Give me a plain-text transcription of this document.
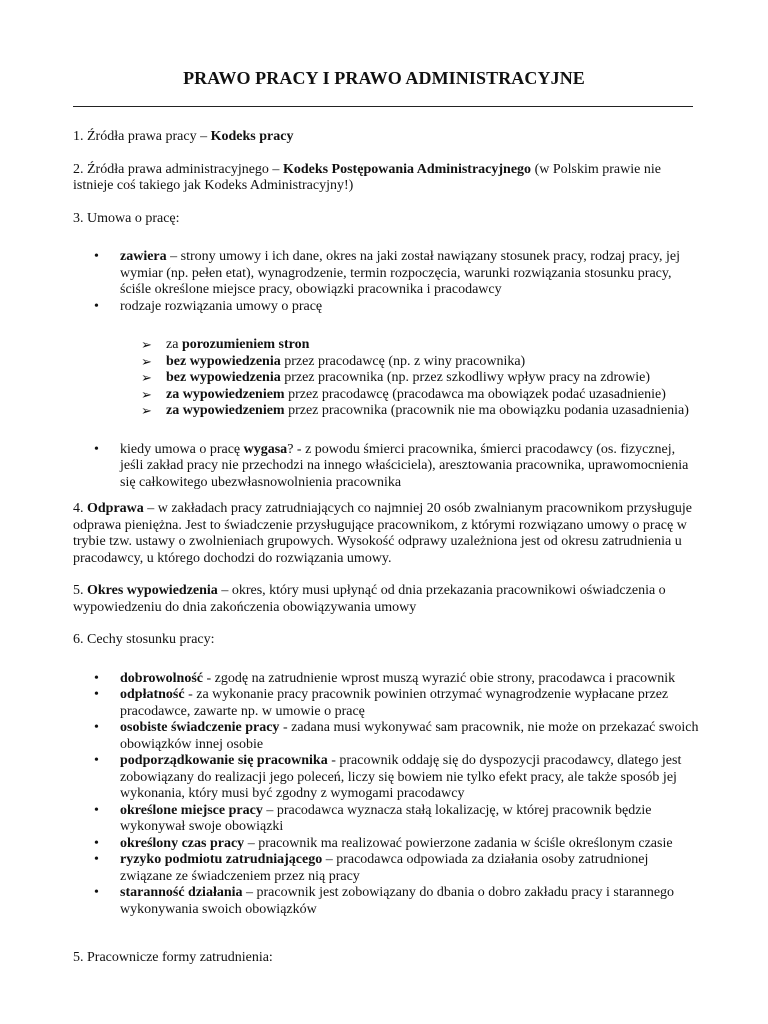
PRAWO PRACY I PRAWO ADMINISTRACYJNE

1. Źródła prawa pracy – Kodeks pracy

2. Źródła prawa administracyjnego – Kodeks Postępowania Administracyjnego (w Polskim prawie nie istnieje coś takiego jak Kodeks Administracyjny!)

3. Umowa o pracę:

• zawiera – strony umowy i ich dane, okres na jaki został nawiązany stosunek pracy, rodzaj pracy, jej wymiar (np. pełen etat), wynagrodzenie, termin rozpoczęcia, warunki rozwiązania stosunku pracy, ściśle określone miejsce pracy, obowiązki pracownika i pracodawcy
• rodzaje rozwiązania umowy o pracę
➢ za porozumieniem stron
➢ bez wypowiedzenia przez pracodawcę (np. z winy pracownika)
➢ bez wypowiedzenia przez pracownika (np. przez szkodliwy wpływ pracy na zdrowie)
➢ za wypowiedzeniem przez pracodawcę (pracodawca ma obowiązek podać uzasadnienie)
➢ za wypowiedzeniem przez pracownika (pracownik nie ma obowiązku podania uzasadnienia)
• kiedy umowa o pracę wygasa? - z powodu śmierci pracownika, śmierci pracodawcy (os. fizycznej, jeśli zakład pracy nie przechodzi na innego właściciela), aresztowania pracownika, uprawomocnienia się całkowitego ubezwłasnowolnienia pracownika

4. Odprawa – w zakładach pracy zatrudniających co najmniej 20 osób zwalnianym pracownikom przysługuje odprawa pieniężna. Jest to świadczenie przysługujące pracownikom, z którymi rozwiązano umowy o pracę w trybie tzw. ustawy o zwolnieniach grupowych. Wysokość odprawy uzależniona jest od okresu zatrudnienia u pracodawcy, u którego dochodzi do rozwiązania umowy.

5. Okres wypowiedzenia – okres, który musi upłynąć od dnia przekazania pracownikowi oświadczenia o wypowiedzeniu do dnia zakończenia obowiązywania umowy

6. Cechy stosunku pracy:

• dobrowolność - zgodę na zatrudnienie wprost muszą wyrazić obie strony, pracodawca i pracownik
• odpłatność - za wykonanie pracy pracownik powinien otrzymać wynagrodzenie wypłacane przez pracodawce, zawarte np. w umowie o pracę
• osobiste świadczenie pracy - zadana musi wykonywać sam pracownik, nie może on przekazać swoich obowiązków innej osobie
• podporządkowanie się pracownika - pracownik oddaję się do dyspozycji pracodawcy, dlatego jest zobowiązany do realizacji jego poleceń, liczy się bowiem nie tylko efekt pracy, ale także sposób jej wykonania, który musi być zgodny z wymogami pracodawcy
• określone miejsce pracy – pracodawca wyznacza stałą lokalizację, w której pracownik będzie wykonywał swoje obowiązki
• określony czas pracy – pracownik ma realizować powierzone zadania w ściśle określonym czasie
• ryzyko podmiotu zatrudniającego – pracodawca odpowiada za działania osoby zatrudnionej związane ze świadczeniem przez nią pracy
• staranność działania – pracownik jest zobowiązany do dbania o dobro zakładu pracy i starannego wykonywania swoich obowiązków

5. Pracownicze formy zatrudnienia:
